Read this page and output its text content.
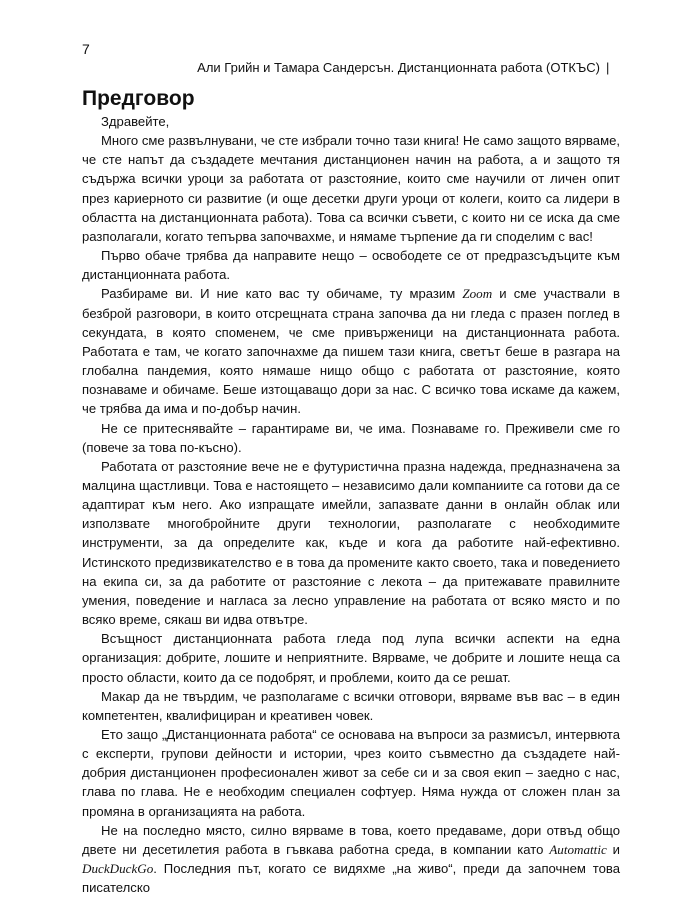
7
Али Грийн и Тамара Сандерсън. Дистанционната работа (ОТКЪС) |
Предговор

Здравейте,

Много сме развълнувани, че сте избрали точно тази книга! Не само защото вярваме, че сте напът да създадете мечтания дистанционен начин на работа, а и защото тя съдържа всички уроци за работата от разстояние, които сме научили от личен опит през кариерното си развитие (и още десетки други уроци от колеги, които са лидери в областта на дистанционната работа). Това са всички съвети, с които ни се иска да сме разполагали, когато тепърва започвахме, и нямаме търпение да ги споделим с вас!

Първо обаче трябва да направите нещо – освободете се от предразсъдъците към дистанционната работа.

Разбираме ви. И ние като вас ту обичаме, ту мразим Zoom и сме участвали в безброй разговори, в които отсрещната страна започва да ни гледа с празен поглед в секундата, в която споменем, че сме привърженици на дистанционната работа. Работата е там, че когато започнахме да пишем тази книга, светът беше в разгара на глобална пандемия, която нямаше нищо общо с работата от разстояние, която познаваме и обичаме. Беше изтощаващо дори за нас. С всичко това искаме да кажем, че трябва да има и по-добър начин.

Не се притеснявайте – гарантираме ви, че има. Познаваме го. Преживели сме го (повече за това по-късно).

Работата от разстояние вече не е футуристична празна надежда, предназначена за малцина щастливци. Това е настоящето – независимо дали компаниите са готови да се адаптират към него. Ако изпращате имейли, запазвате данни в онлайн облак или използвате многобройните други технологии, разполагате с необходимите инструменти, за да определите как, къде и кога да работите най-ефективно. Истинското предизвикателство е в това да промените както своето, така и поведението на екипа си, за да работите от разстояние с лекота – да притежавате правилните умения, поведение и нагласа за лесно управление на работата от всяко място и по всяко време, сякаш ви идва отвътре.

Всъщност дистанционната работа гледа под лупа всички аспекти на една организация: добрите, лошите и неприятните. Вярваме, че добрите и лошите неща са просто области, които да се подобрят, и проблеми, които да се решат.

Макар да не твърдим, че разполагаме с всички отговори, вярваме във вас – в един компетентен, квалифициран и креативен човек.

Ето защо „Дистанционната работа“ се основава на въпроси за размисъл, интервюта с експерти, групови дейности и истории, чрез които съвместно да създадете най-добрия дистанционен професионален живот за себе си и за своя екип – заедно с нас, глава по глава. Не е необходим специален софтуер. Няма нужда от сложен план за промяна в организацията на работа.

Не на последно място, силно вярваме в това, което предаваме, дори отвъд общо двете ни десетилетия работа в гъвкава работна среда, в компании като Automattic и DuckDuckGo. Последния път, когато се видяхме „на живо“, преди да започнем това писателско
